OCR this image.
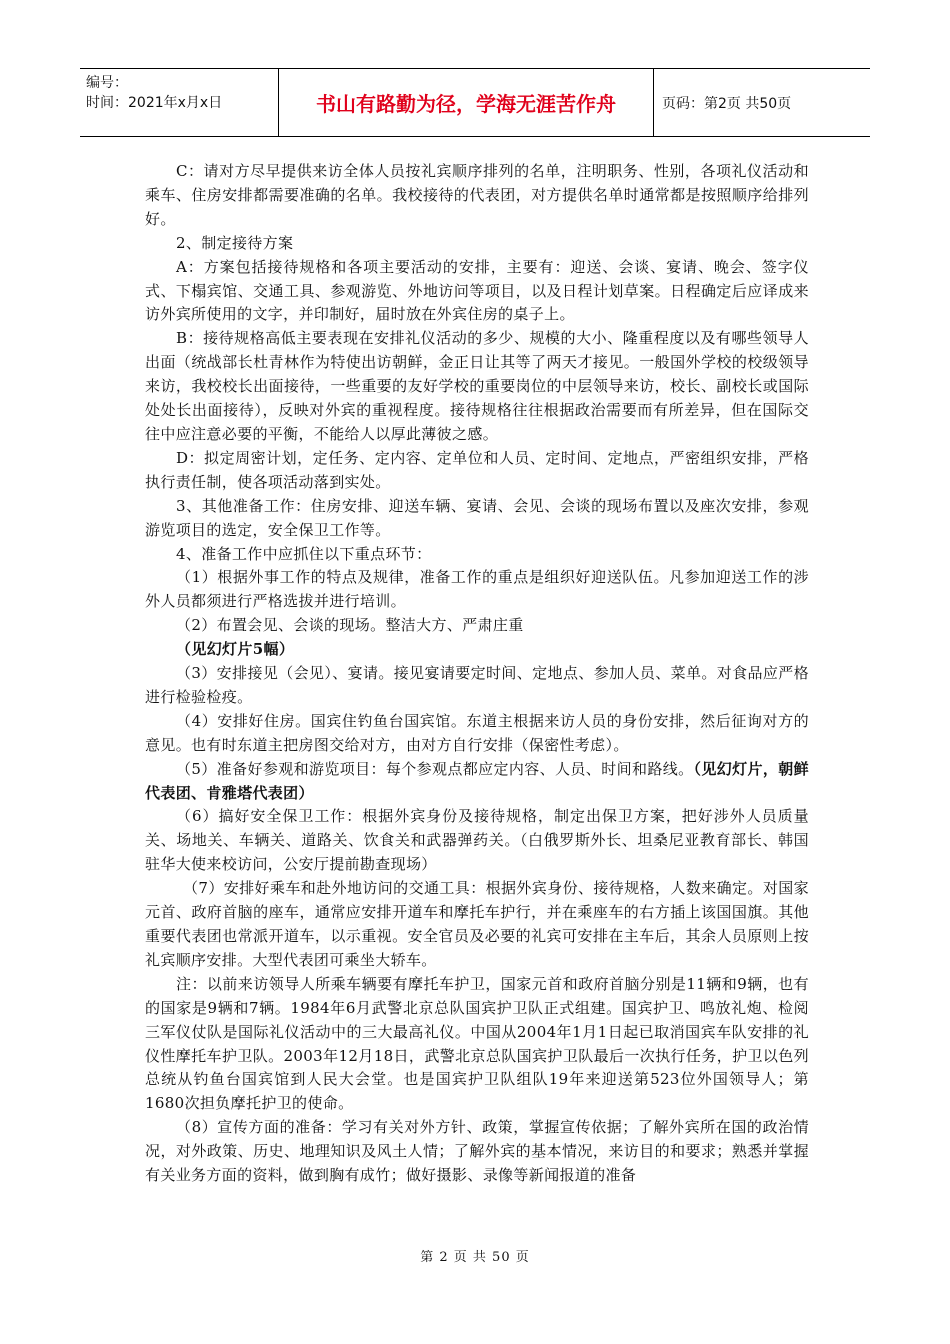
编号：
时间：2021年x月x日	书山有路勤为径，学海无涯苦作舟	页码：第2页 共50页

C：请对方尽早提供来访全体人员按礼宾顺序排列的名单，注明职务、性别，各项礼仪活动和乘车、住房安排都需要准确的名单。我校接待的代表团，对方提供名单时通常都是按照顺序给排列好。

2、制定接待方案

A：方案包括接待规格和各项主要活动的安排，主要有：迎送、会谈、宴请、晚会、签字仪式、下榻宾馆、交通工具、参观游览、外地访问等项目，以及日程计划草案。日程确定后应译成来访外宾所使用的文字，并印制好，届时放在外宾住房的桌子上。

B：接待规格高低主要表现在安排礼仪活动的多少、规模的大小、隆重程度以及有哪些领导人出面（统战部长杜青林作为特使出访朝鲜，金正日让其等了两天才接见。一般国外学校的校级领导来访，我校校长出面接待，一些重要的友好学校的重要岗位的中层领导来访，校长、副校长或国际处处长出面接待），反映对外宾的重视程度。接待规格往往根据政治需要而有所差异，但在国际交往中应注意必要的平衡，不能给人以厚此薄彼之感。

D：拟定周密计划，定任务、定内容、定单位和人员、定时间、定地点，严密组织安排，严格执行责任制，使各项活动落到实处。

3、其他准备工作：住房安排、迎送车辆、宴请、会见、会谈的现场布置以及座次安排，参观游览项目的选定，安全保卫工作等。

4、准备工作中应抓住以下重点环节：

（1）根据外事工作的特点及规律，准备工作的重点是组织好迎送队伍。凡参加迎送工作的涉外人员都须进行严格选拔并进行培训。

（2）布置会见、会谈的现场。整洁大方、严肃庄重

（见幻灯片5幅）

（3）安排接见（会见）、宴请。接见宴请要定时间、定地点、参加人员、菜单。对食品应严格进行检验检疫。

（4）安排好住房。国宾住钓鱼台国宾馆。东道主根据来访人员的身份安排，然后征询对方的意见。也有时东道主把房图交给对方，由对方自行安排（保密性考虑）。

（5）准备好参观和游览项目：每个参观点都应定内容、人员、时间和路线。（见幻灯片，朝鲜代表团、肯雅塔代表团）

（6）搞好安全保卫工作：根据外宾身份及接待规格，制定出保卫方案，把好涉外人员质量关、场地关、车辆关、道路关、饮食关和武器弹药关。（白俄罗斯外长、坦桑尼亚教育部长、韩国驻华大使来校访问，公安厅提前勘查现场）

（7）安排好乘车和赴外地访问的交通工具：根据外宾身份、接待规格，人数来确定。对国家元首、政府首脑的座车，通常应安排开道车和摩托车护行，并在乘座车的右方插上该国国旗。其他重要代表团也常派开道车，以示重视。安全官员及必要的礼宾可安排在主车后，其余人员原则上按礼宾顺序安排。大型代表团可乘坐大轿车。

注：以前来访领导人所乘车辆要有摩托车护卫，国家元首和政府首脑分别是11辆和9辆，也有的国家是9辆和7辆。1984年6月武警北京总队国宾护卫队正式组建。国宾护卫、鸣放礼炮、检阅三军仪仗队是国际礼仪活动中的三大最高礼仪。中国从2004年1月1日起已取消国宾车队安排的礼仪性摩托车护卫队。2003年12月18日，武警北京总队国宾护卫队最后一次执行任务，护卫以色列总统从钓鱼台国宾馆到人民大会堂。也是国宾护卫队组队19年来迎送第523位外国领导人；第1680次担负摩托护卫的使命。

（8）宣传方面的准备：学习有关对外方针、政策，掌握宣传依据；了解外宾所在国的政治情况，对外政策、历史、地理知识及风土人情；了解外宾的基本情况，来访目的和要求；熟悉并掌握有关业务方面的资料，做到胸有成竹；做好摄影、录像等新闻报道的准备

第 2 页 共 50 页
